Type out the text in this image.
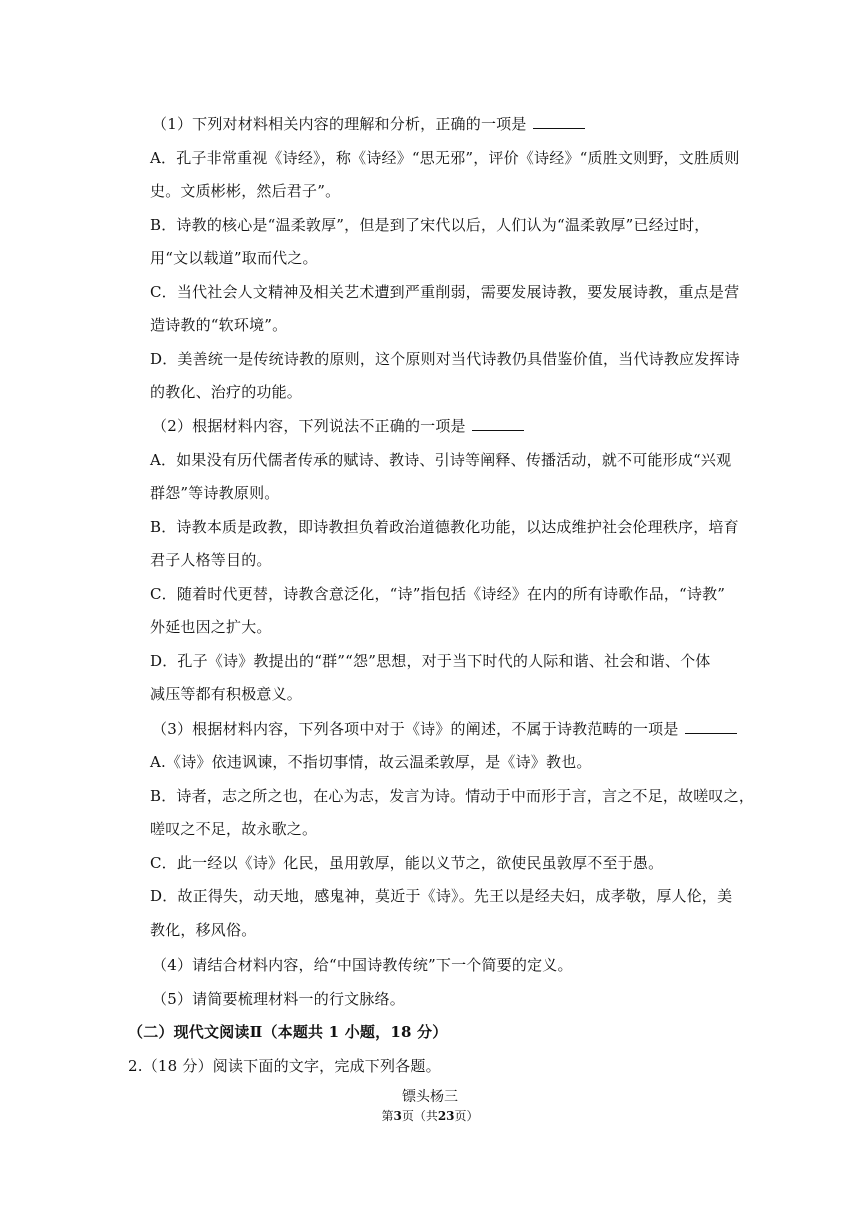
（1）下列对材料相关内容的理解和分析，正确的一项是
A．孔子非常重视《诗经》，称《诗经》“思无邪”，评价《诗经》“质胜文则野，文胜质则
史。文质彬彬，然后君子”。
B．诗教的核心是“温柔敦厚”，但是到了宋代以后，人们认为“温柔敦厚”已经过时，
用“文以载道”取而代之。
C．当代社会人文精神及相关艺术遭到严重削弱，需要发展诗教，要发展诗教，重点是营
造诗教的“软环境”。
D．美善统一是传统诗教的原则，这个原则对当代诗教仍具借鉴价值，当代诗教应发挥诗
的教化、治疗的功能。
（2）根据材料内容，下列说法不正确的一项是
A．如果没有历代儒者传承的赋诗、教诗、引诗等阐释、传播活动，就不可能形成“兴观
群怨”等诗教原则。
B．诗教本质是政教，即诗教担负着政治道德教化功能，以达成维护社会伦理秩序，培育
君子人格等目的。
C．随着时代更替，诗教含意泛化，“诗”指包括《诗经》在内的所有诗歌作品，“诗教”
外延也因之扩大。
D．孔子《诗》教提出的“群”“怨”思想，对于当下时代的人际和谐、社会和谐、个体
减压等都有积极意义。
（3）根据材料内容，下列各项中对于《诗》的阐述，不属于诗教范畴的一项是
A.《诗》依违讽谏，不指切事情，故云温柔敦厚，是《诗》教也。
B．诗者，志之所之也，在心为志，发言为诗。情动于中而形于言，言之不足，故嗟叹之，
嗟叹之不足，故永歌之。
C．此一经以《诗》化民，虽用敦厚，能以义节之，欲使民虽敦厚不至于愚。
D．故正得失，动天地，感鬼神，莫近于《诗》。先王以是经夫妇，成孝敬，厚人伦，美
教化，移风俗。
（4）请结合材料内容，给“中国诗教传统”下一个简要的定义。
（5）请简要梳理材料一的行文脉络。
（二）现代文阅读Ⅱ（本题共 1 小题，18 分）
2.（18 分）阅读下面的文字，完成下列各题。
镖头杨三
第3页（共23页）
